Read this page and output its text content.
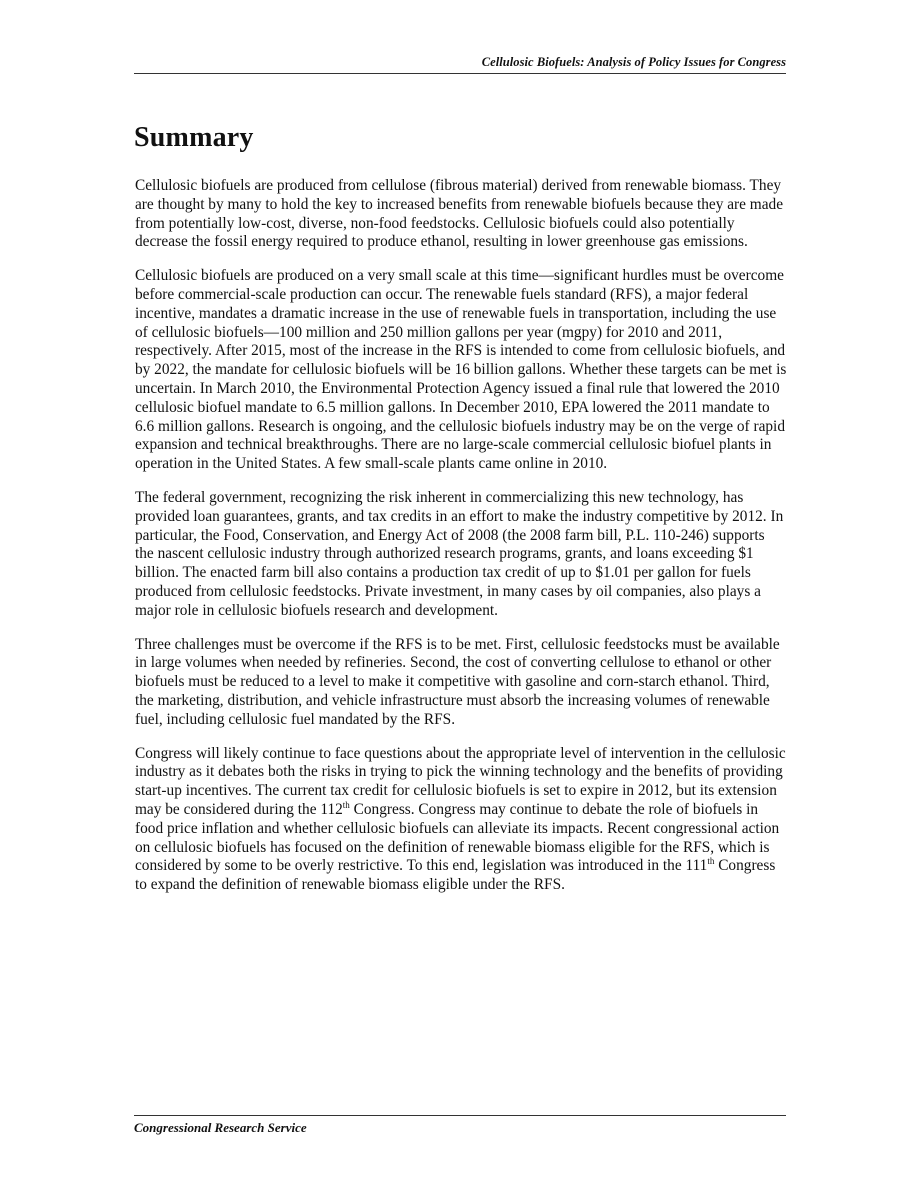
Cellulosic Biofuels: Analysis of Policy Issues for Congress
Summary

Cellulosic biofuels are produced from cellulose (fibrous material) derived from renewable biomass. They are thought by many to hold the key to increased benefits from renewable biofuels because they are made from potentially low-cost, diverse, non-food feedstocks. Cellulosic biofuels could also potentially decrease the fossil energy required to produce ethanol, resulting in lower greenhouse gas emissions.

Cellulosic biofuels are produced on a very small scale at this time—significant hurdles must be overcome before commercial-scale production can occur. The renewable fuels standard (RFS), a major federal incentive, mandates a dramatic increase in the use of renewable fuels in transportation, including the use of cellulosic biofuels—100 million and 250 million gallons per year (mgpy) for 2010 and 2011, respectively. After 2015, most of the increase in the RFS is intended to come from cellulosic biofuels, and by 2022, the mandate for cellulosic biofuels will be 16 billion gallons. Whether these targets can be met is uncertain. In March 2010, the Environmental Protection Agency issued a final rule that lowered the 2010 cellulosic biofuel mandate to 6.5 million gallons. In December 2010, EPA lowered the 2011 mandate to 6.6 million gallons. Research is ongoing, and the cellulosic biofuels industry may be on the verge of rapid expansion and technical breakthroughs. There are no large-scale commercial cellulosic biofuel plants in operation in the United States. A few small-scale plants came online in 2010.

The federal government, recognizing the risk inherent in commercializing this new technology, has provided loan guarantees, grants, and tax credits in an effort to make the industry competitive by 2012. In particular, the Food, Conservation, and Energy Act of 2008 (the 2008 farm bill, P.L. 110-246) supports the nascent cellulosic industry through authorized research programs, grants, and loans exceeding $1 billion. The enacted farm bill also contains a production tax credit of up to $1.01 per gallon for fuels produced from cellulosic feedstocks. Private investment, in many cases by oil companies, also plays a major role in cellulosic biofuels research and development.

Three challenges must be overcome if the RFS is to be met. First, cellulosic feedstocks must be available in large volumes when needed by refineries. Second, the cost of converting cellulose to ethanol or other biofuels must be reduced to a level to make it competitive with gasoline and corn-starch ethanol. Third, the marketing, distribution, and vehicle infrastructure must absorb the increasing volumes of renewable fuel, including cellulosic fuel mandated by the RFS.

Congress will likely continue to face questions about the appropriate level of intervention in the cellulosic industry as it debates both the risks in trying to pick the winning technology and the benefits of providing start-up incentives. The current tax credit for cellulosic biofuels is set to expire in 2012, but its extension may be considered during the 112th Congress. Congress may continue to debate the role of biofuels in food price inflation and whether cellulosic biofuels can alleviate its impacts. Recent congressional action on cellulosic biofuels has focused on the definition of renewable biomass eligible for the RFS, which is considered by some to be overly restrictive. To this end, legislation was introduced in the 111th Congress to expand the definition of renewable biomass eligible under the RFS.

Congressional Research Service
